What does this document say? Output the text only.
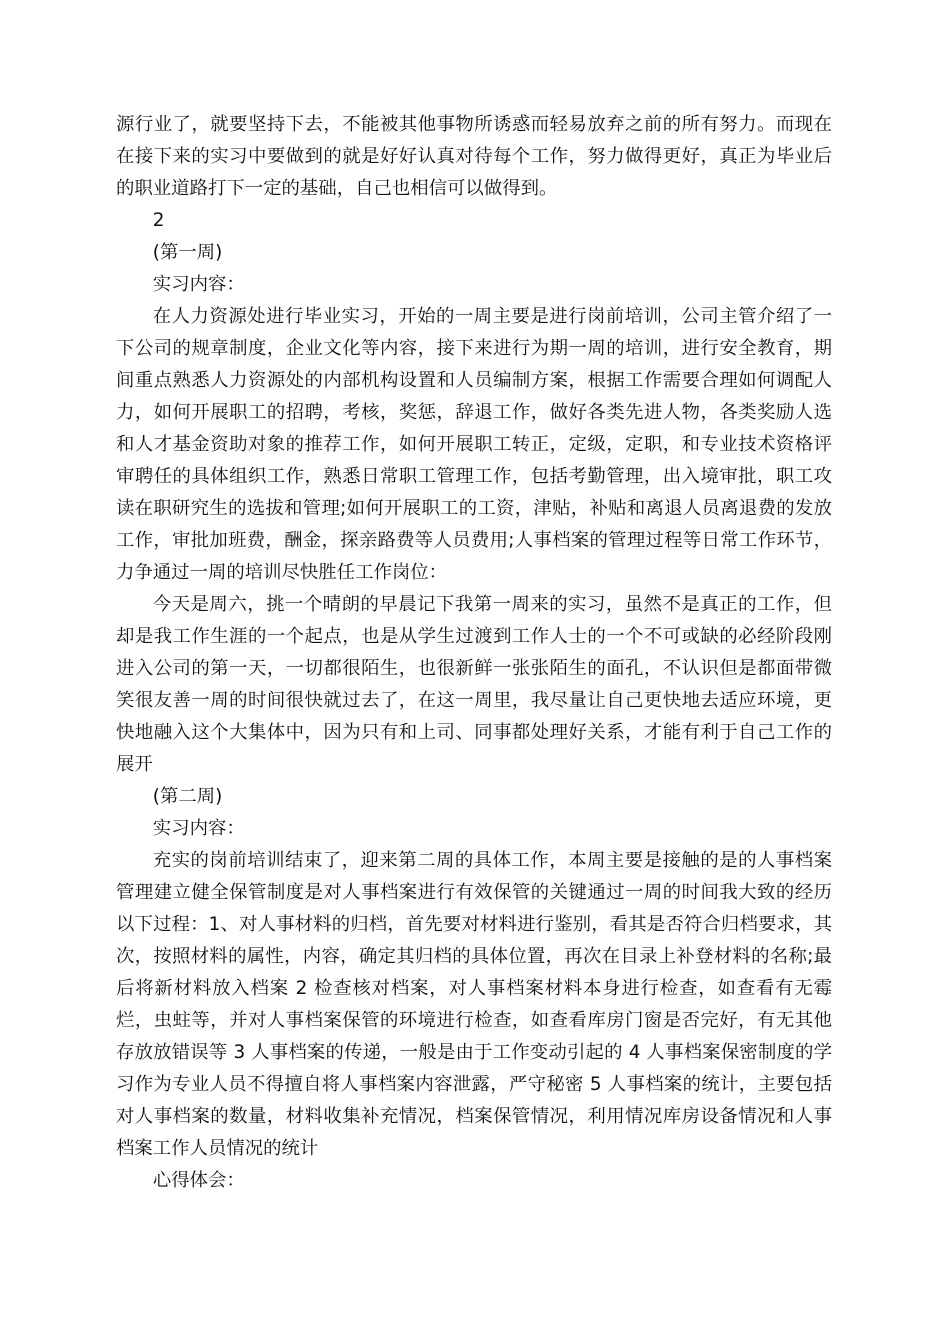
源行业了，就要坚持下去，不能被其他事物所诱惑而轻易放弃之前的所有努力。而现在在接下来的实习中要做到的就是好好认真对待每个工作，努力做得更好，真正为毕业后的职业道路打下一定的基础，自己也相信可以做得到。

2

(第一周)

实习内容：

在人力资源处进行毕业实习，开始的一周主要是进行岗前培训，公司主管介绍了一下公司的规章制度，企业文化等内容，接下来进行为期一周的培训，进行安全教育，期间重点熟悉人力资源处的内部机构设置和人员编制方案，根据工作需要合理如何调配人力，如何开展职工的招聘，考核，奖惩，辞退工作，做好各类先进人物，各类奖励人选和人才基金资助对象的推荐工作，如何开展职工转正，定级，定职，和专业技术资格评审聘任的具体组织工作，熟悉日常职工管理工作，包括考勤管理，出入境审批，职工攻读在职研究生的选拔和管理;如何开展职工的工资，津贴，补贴和离退人员离退费的发放工作，审批加班费，酬金，探亲路费等人员费用;人事档案的管理过程等日常工作环节，力争通过一周的培训尽快胜任工作岗位：

今天是周六，挑一个晴朗的早晨记下我第一周来的实习，虽然不是真正的工作，但却是我工作生涯的一个起点，也是从学生过渡到工作人士的一个不可或缺的必经阶段刚进入公司的第一天，一切都很陌生，也很新鲜一张张陌生的面孔，不认识但是都面带微笑很友善一周的时间很快就过去了，在这一周里，我尽量让自己更快地去适应环境，更快地融入这个大集体中，因为只有和上司、同事都处理好关系，才能有利于自己工作的展开

(第二周)

实习内容：

充实的岗前培训结束了，迎来第二周的具体工作，本周主要是接触的是的人事档案管理建立健全保管制度是对人事档案进行有效保管的关键通过一周的时间我大致的经历以下过程：1、对人事材料的归档，首先要对材料进行鉴别，看其是否符合归档要求，其次，按照材料的属性，内容，确定其归档的具体位置，再次在目录上补登材料的名称;最后将新材料放入档案 2 检查核对档案，对人事档案材料本身进行检查，如查看有无霉烂，虫蛀等，并对人事档案保管的环境进行检查，如查看库房门窗是否完好，有无其他存放放错误等 3 人事档案的传递，一般是由于工作变动引起的 4 人事档案保密制度的学习作为专业人员不得擅自将人事档案内容泄露，严守秘密 5 人事档案的统计，主要包括对人事档案的数量，材料收集补充情况，档案保管情况，利用情况库房设备情况和人事档案工作人员情况的统计

心得体会：
